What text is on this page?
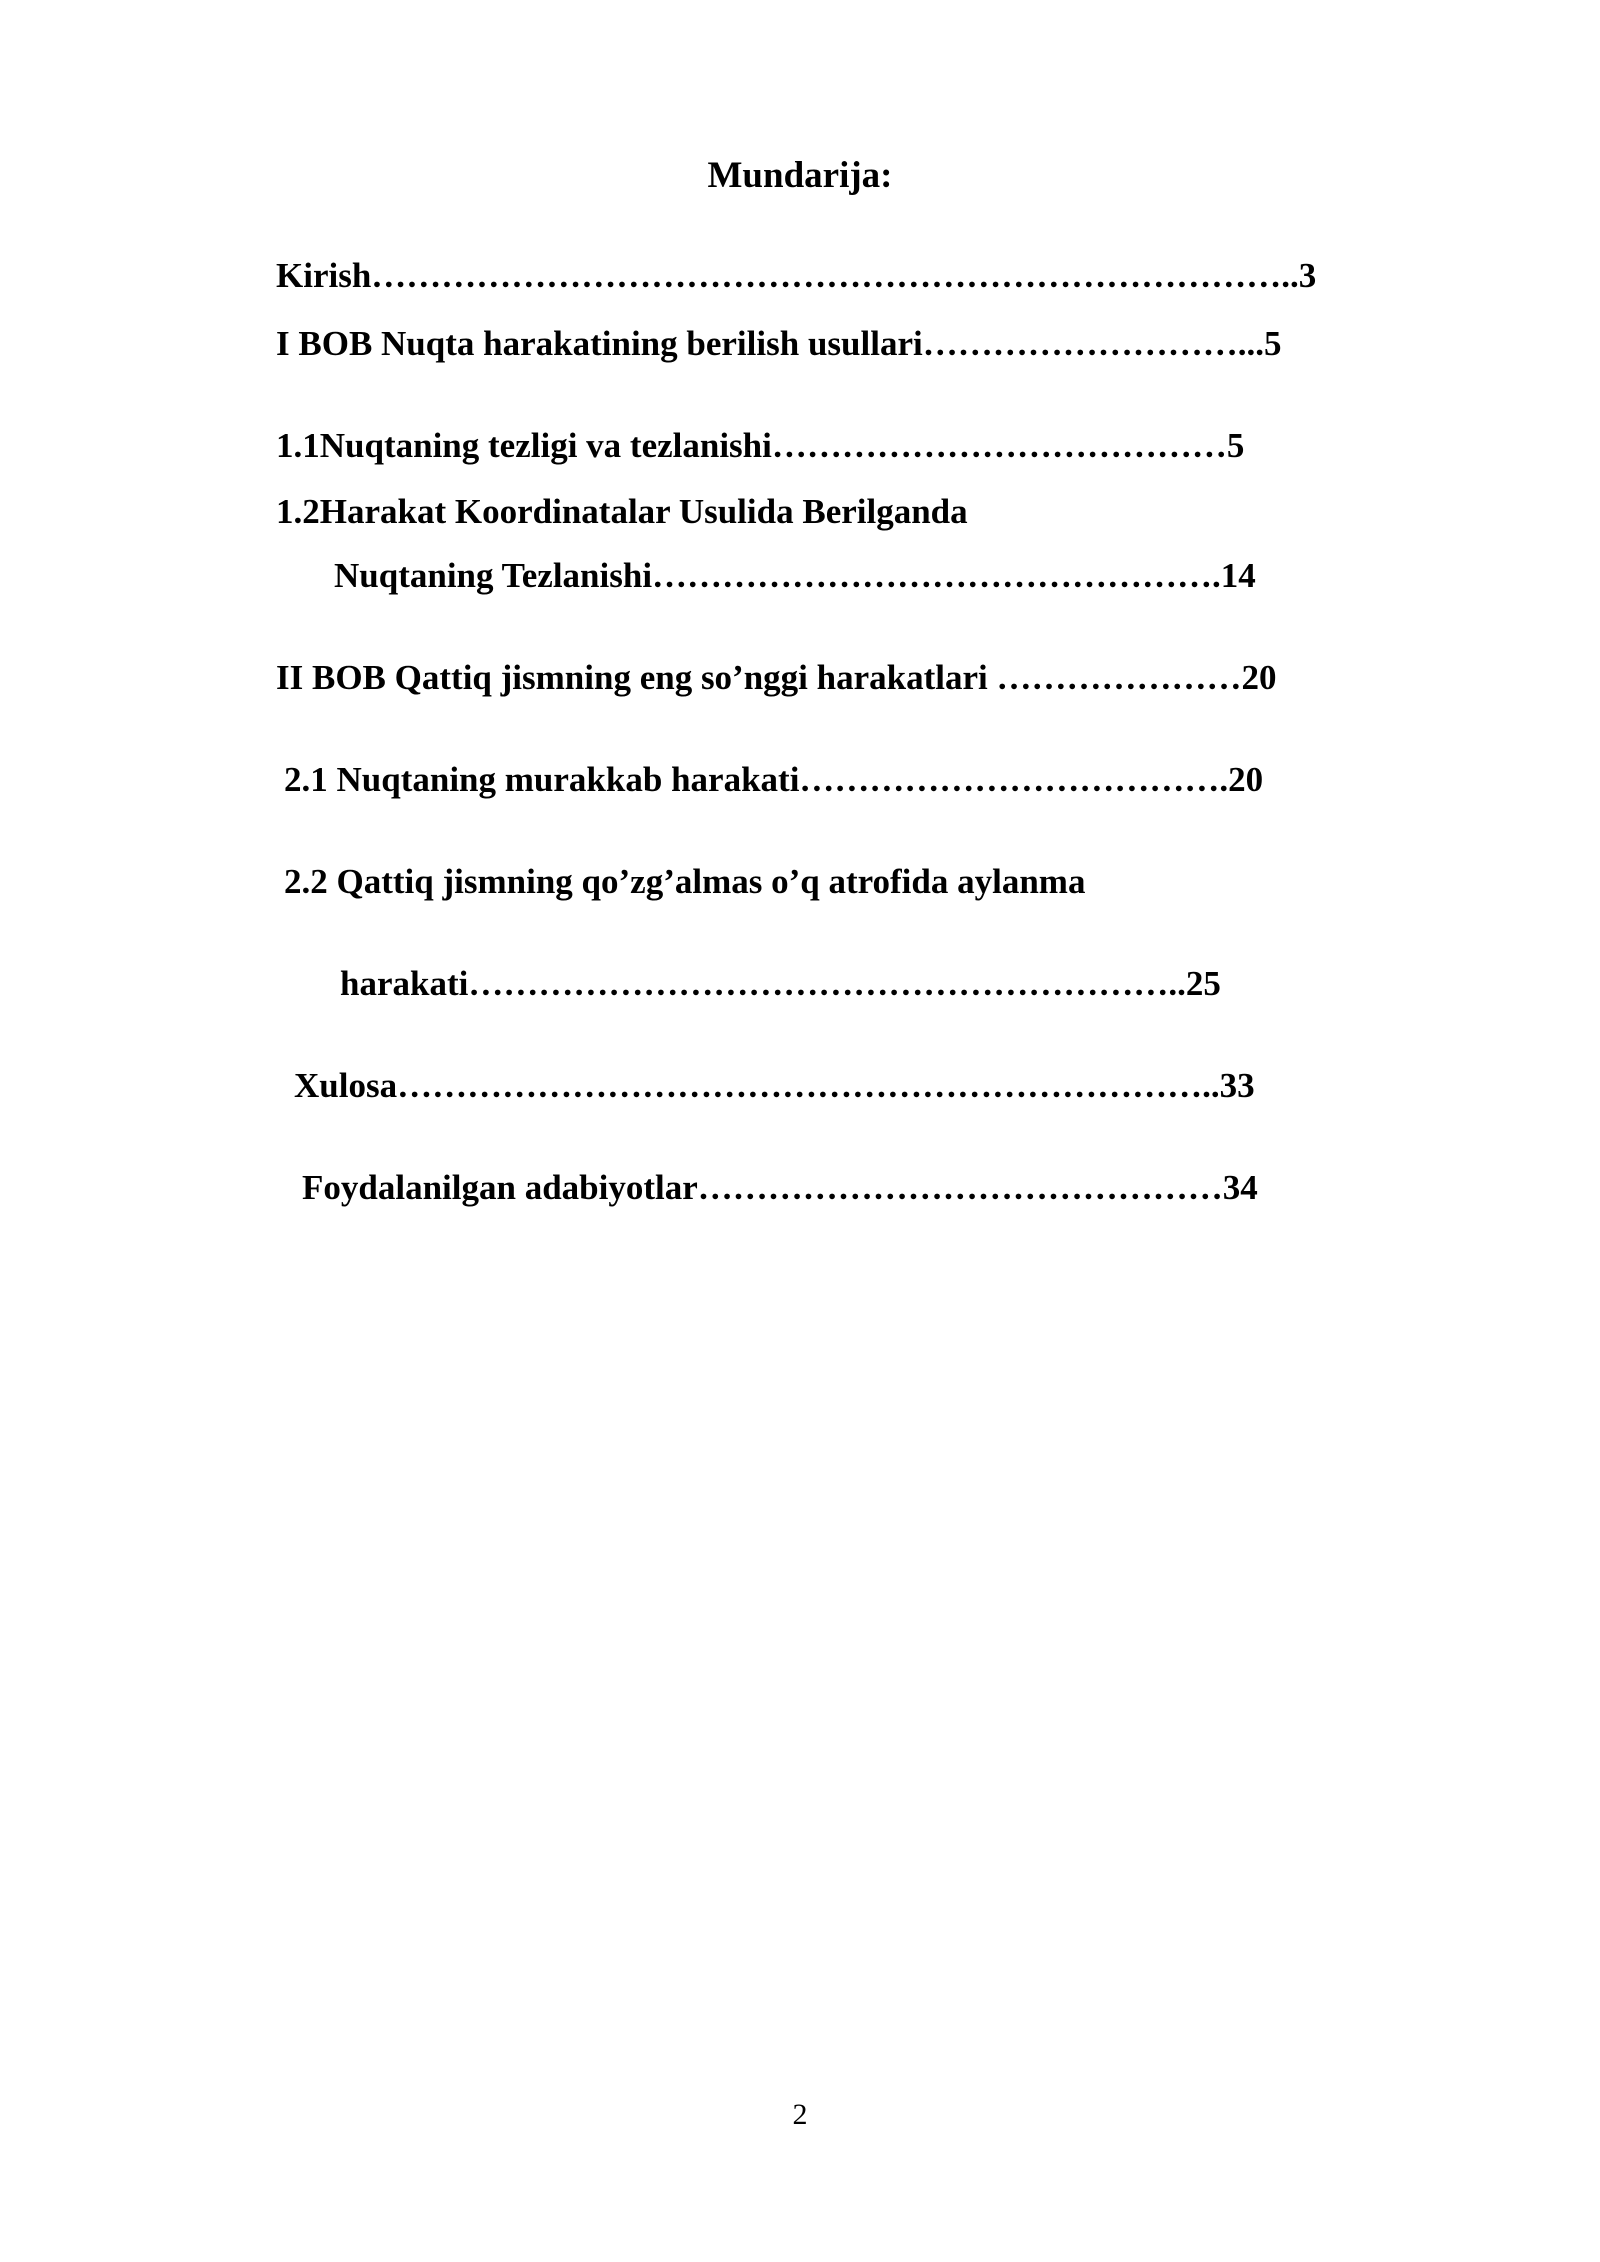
Mundarija:
Kirish……………………………………………………………………..3
I BOB Nuqta harakatining berilish usullari………………………...5
1.1Nuqtaning tezligi va tezlanishi…………………………………5
1.2Harakat Koordinatalar Usulida Berilganda
Nuqtaning Tezlanishi………………………………………….14
II BOB Qattiq jismning eng so’nggi harakatlari …………………20
2.1 Nuqtaning murakkab harakati……………………………….20
2.2 Qattiq jismning qo’zg’almas o’q atrofida aylanma
harakati……………………………………………………..25
Xulosa……………………………………………………………..33
Foydalanilgan adabiyotlar………………………………………34
2
